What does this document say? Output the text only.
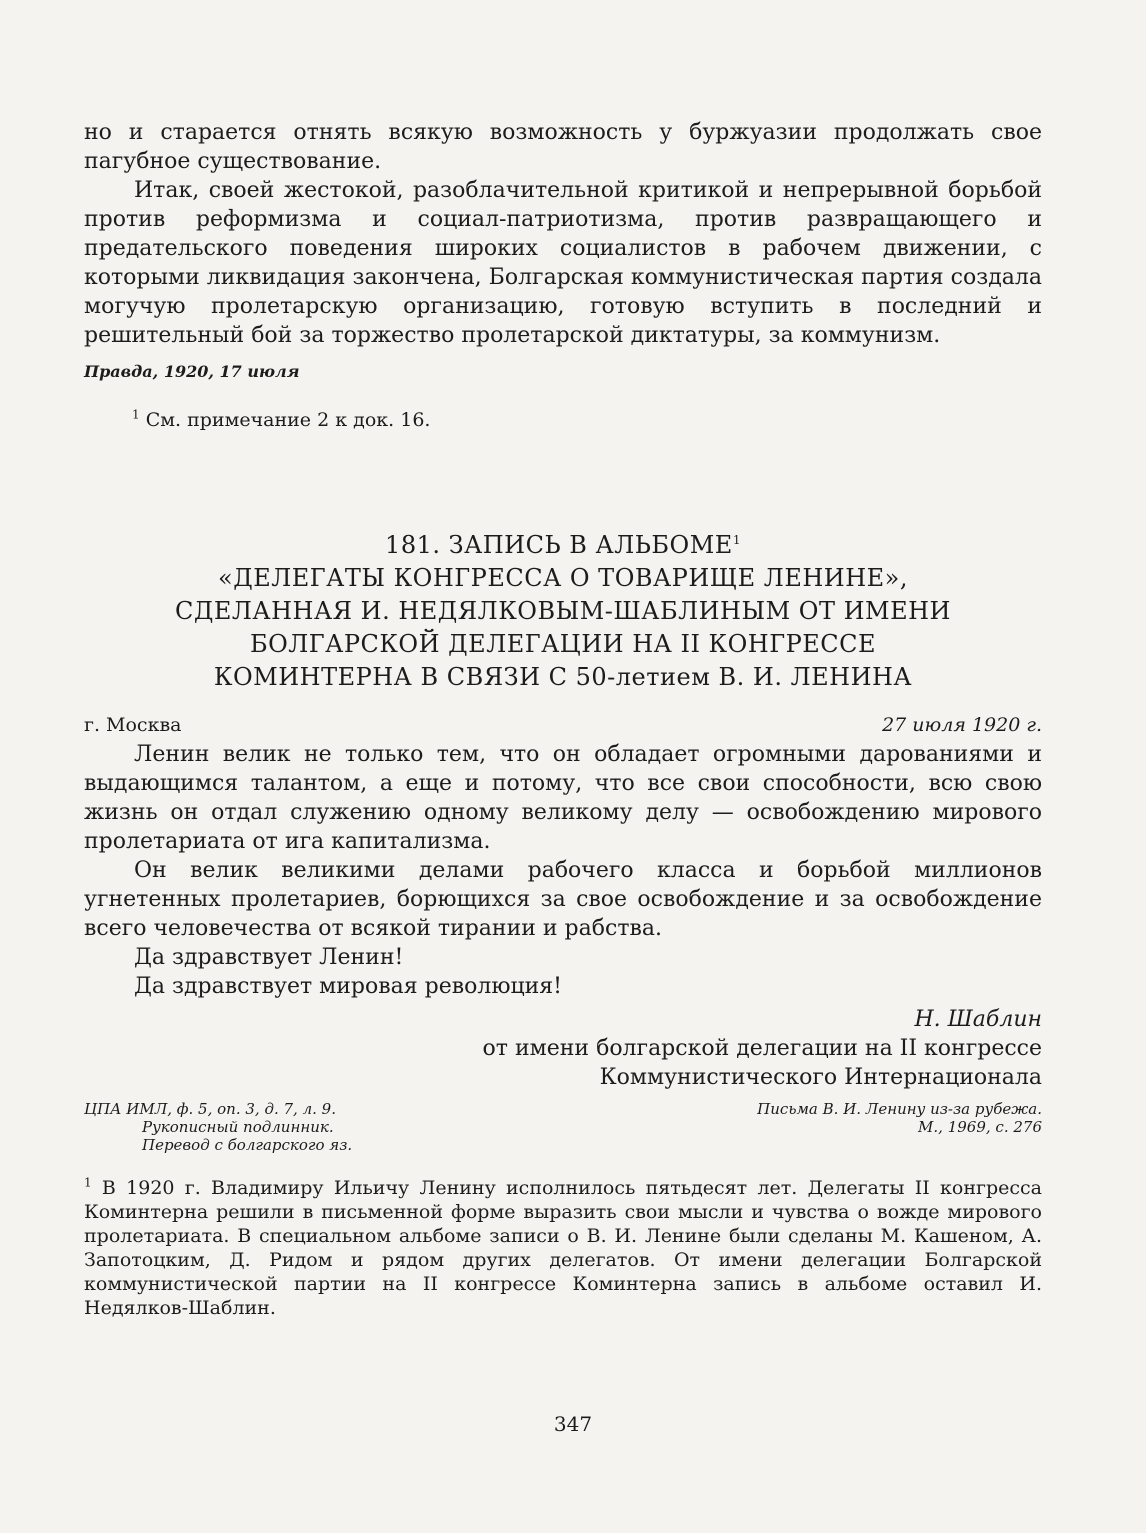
но и старается отнять всякую возможность у буржуазии продолжать свое пагубное существование.

Итак, своей жестокой, разоблачительной критикой и непрерывной борьбой против реформизма и социал-патриотизма, против развращающего и предательского поведения широких социалистов в рабочем движении, с которыми ликвидация закончена, Болгарская коммунистическая партия создала могучую пролетарскую организацию, готовую вступить в последний и решительный бой за торжество пролетарской диктатуры, за коммунизм.

Правда, 1920, 17 июля

$^1$ См. примечание 2 к док. 16.

181. ЗАПИСЬ В АЛЬБОМЕ$^1$
«ДЕЛЕГАТЫ КОНГРЕССА О ТОВАРИЩЕ ЛЕНИНЕ»,
СДЕЛАННАЯ И. НЕДЯЛКОВЫМ-ШАБЛИНЫМ ОТ ИМЕНИ
БОЛГАРСКОЙ ДЕЛЕГАЦИИ НА II КОНГРЕССЕ
КОМИНТЕРНА В СВЯЗИ С 50-летием В. И. ЛЕНИНА
г. Москва	27 июля 1920 г.

Ленин велик не только тем, что он обладает огромными дарованиями и выдающимся талантом, а еще и потому, что все свои способности, всю свою жизнь он отдал служению одному великому делу — освобождению мирового пролетариата от ига капитализма.

Он велик великими делами рабочего класса и борьбой миллионов угнетенных пролетариев, борющихся за свое освобождение и за освобождение всего человечества от всякой тирании и рабства.

Да здравствует Ленин!

Да здравствует мировая революция!

Н. Шаблин

от имени болгарской делегации на II конгрессе

Коммунистического Интернационала

ЦПА ИМЛ, ф. 5, оп. 3, д. 7, л. 9.
Рукописный подлинник.
Перевод с болгарского яз.
Письма В. И. Ленину из-за рубежа.
М., 1969, с. 276

$^1$ В 1920 г. Владимиру Ильичу Ленину исполнилось пятьдесят лет. Делегаты II конгресса Коминтерна решили в письменной форме выразить свои мысли и чувства о вожде мирового пролетариата. В специальном альбоме записи о В. И. Ленине были сделаны М. Кашеном, А. Запотоцким, Д. Ридом и рядом других делегатов. От имени делегации Болгарской коммунистической партии на II конгрессе Коминтерна запись в альбоме оставил И. Недялков-Шаблин.

347
